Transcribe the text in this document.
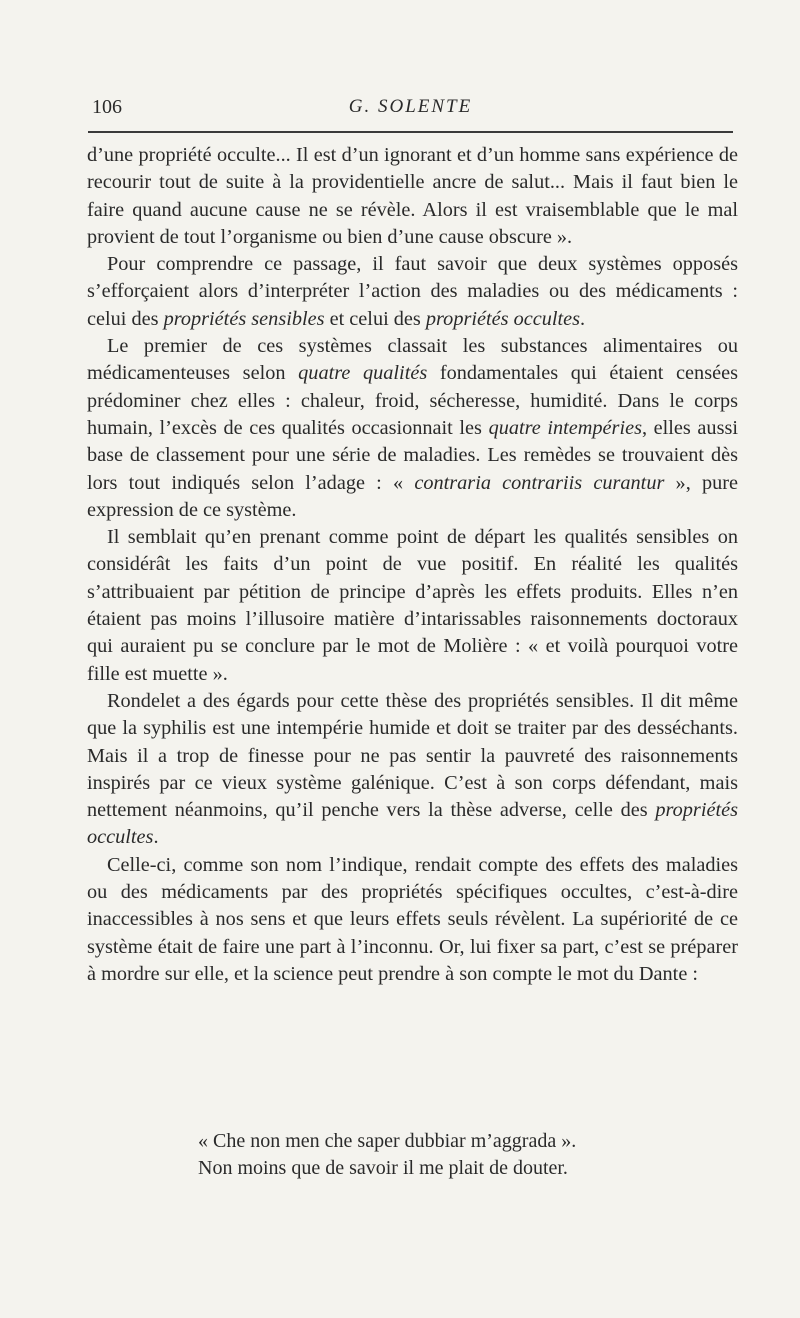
106	G. SOLENTE

d’une propriété occulte... Il est d’un ignorant et d’un homme sans expérience de recourir tout de suite à la providentielle ancre de salut... Mais il faut bien le faire quand aucune cause ne se révèle. Alors il est vraisemblable que le mal provient de tout l’organisme ou bien d’une cause obscure ».

Pour comprendre ce passage, il faut savoir que deux systèmes opposés s’efforçaient alors d’interpréter l’action des maladies ou des médicaments : celui des propriétés sensibles et celui des propriétés occultes.

Le premier de ces systèmes classait les substances alimentaires ou médicamenteuses selon quatre qualités fondamentales qui étaient censées prédominer chez elles : chaleur, froid, sécheresse, humidité. Dans le corps humain, l’excès de ces qualités occasionnait les quatre intempéries, elles aussi base de classement pour une série de maladies. Les remèdes se trouvaient dès lors tout indiqués selon l’adage : « contraria contrariis curantur », pure expression de ce système.

Il semblait qu’en prenant comme point de départ les qualités sensibles on considérât les faits d’un point de vue positif. En réalité les qualités s’attribuaient par pétition de principe d’après les effets produits. Elles n’en étaient pas moins l’illusoire matière d’intarissables raisonnements doctoraux qui auraient pu se conclure par le mot de Molière : « et voilà pourquoi votre fille est muette ».

Rondelet a des égards pour cette thèse des propriétés sensibles. Il dit même que la syphilis est une intempérie humide et doit se traiter par des desséchants. Mais il a trop de finesse pour ne pas sentir la pauvreté des raisonnements inspirés par ce vieux système galénique. C’est à son corps défendant, mais nettement néanmoins, qu’il penche vers la thèse adverse, celle des propriétés occultes.

Celle-ci, comme son nom l’indique, rendait compte des effets des maladies ou des médicaments par des propriétés spécifiques occultes, c’est-à-dire inaccessibles à nos sens et que leurs effets seuls révèlent. La supériorité de ce système était de faire une part à l’inconnu. Or, lui fixer sa part, c’est se préparer à mordre sur elle, et la science peut prendre à son compte le mot du Dante :

« Che non men che saper dubbiar m’aggrada ».
Non moins que de savoir il me plait de douter.
